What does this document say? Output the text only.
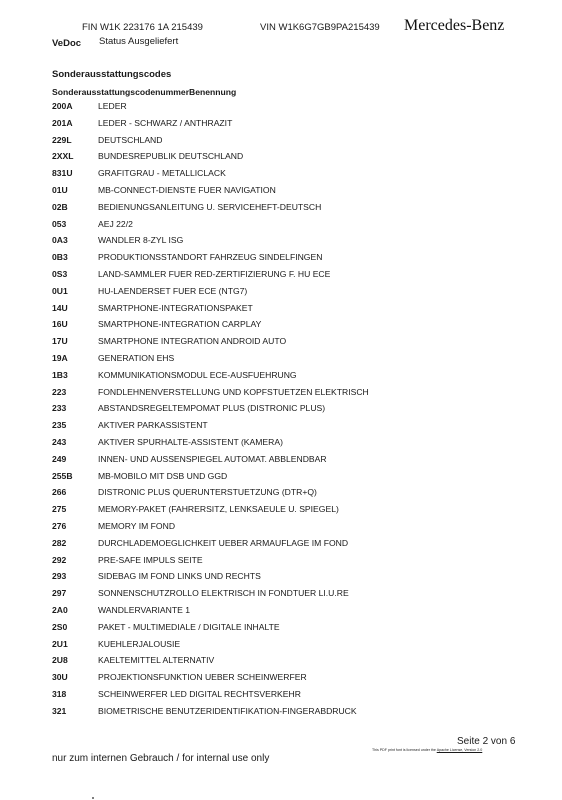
FIN W1K 223176 1A 215439	VIN W1K6G7GB9PA215439 Mercedes-Benz
VeDoc Status Ausgeliefert
Sonderausstattungscodes
Sonderausstattungscodenummer Benennung
200A	LEDER
201A	LEDER - SCHWARZ / ANTHRAZIT
229L	DEUTSCHLAND
2XXL	BUNDESREPUBLIK DEUTSCHLAND
831U	GRAFITGRAU - METALLICLACK
01U	MB-CONNECT-DIENSTE FUER NAVIGATION
02B	BEDIENUNGSANLEITUNG U. SERVICEHEFT-DEUTSCH
053	AEJ 22/2
0A3	WANDLER 8-ZYL ISG
0B3	PRODUKTIONSSTANDORT FAHRZEUG SINDELFINGEN
0S3	LAND-SAMMLER FUER RED-ZERTIFIZIERUNG F. HU ECE
0U1	HU-LAENDERSET FUER ECE (NTG7)
14U	SMARTPHONE-INTEGRATIONSPAKET
16U	SMARTPHONE-INTEGRATION CARPLAY
17U	SMARTPHONE INTEGRATION ANDROID AUTO
19A	GENERATION EHS
1B3	KOMMUNIKATIONSMODUL ECE-AUSFUEHRUNG
223	FONDLEHNENVERSTELLUNG UND KOPFSTUETZEN ELEKTRISCH
233	ABSTANDSREGELTEMPOMAT PLUS (DISTRONIC PLUS)
235	AKTIVER PARKASSISTENT
243	AKTIVER SPURHALTE-ASSISTENT (KAMERA)
249	INNEN- UND AUSSENSPIEGEL AUTOMAT. ABBLENDBAR
255B	MB-MOBILO MIT DSB UND GGD
266	DISTRONIC PLUS QUERUNTERSTUETZUNG (DTR+Q)
275	MEMORY-PAKET (FAHRERSITZ, LENKSAEULE U. SPIEGEL)
276	MEMORY IM FOND
282	DURCHLADEMOEGLICHKEIT UEBER ARMAUFLAGE IM FOND
292	PRE-SAFE IMPULS SEITE
293	SIDEBAG IM FOND LINKS UND RECHTS
297	SONNENSCHUTZROLLO ELEKTRISCH IN FONDTUER LI.U.RE
2A0	WANDLERVARIANTE 1
2S0	PAKET - MULTIMEDIALE / DIGITALE INHALTE
2U1	KUEHLERJALOUSIE
2U8	KAELTEMITTEL ALTERNATIV
30U	PROJEKTIONSFUNKTION UEBER SCHEINWERFER
318	SCHEINWERFER LED DIGITAL RECHTSVERKEHR
321	BIOMETRISCHE BENUTZERIDENTIFIKATION-FINGERABDRUCK
Seite 2 von 6
This PDF print font is licensed under the Apache License, Version 2.0
nur zum internen Gebrauch / for internal use only
